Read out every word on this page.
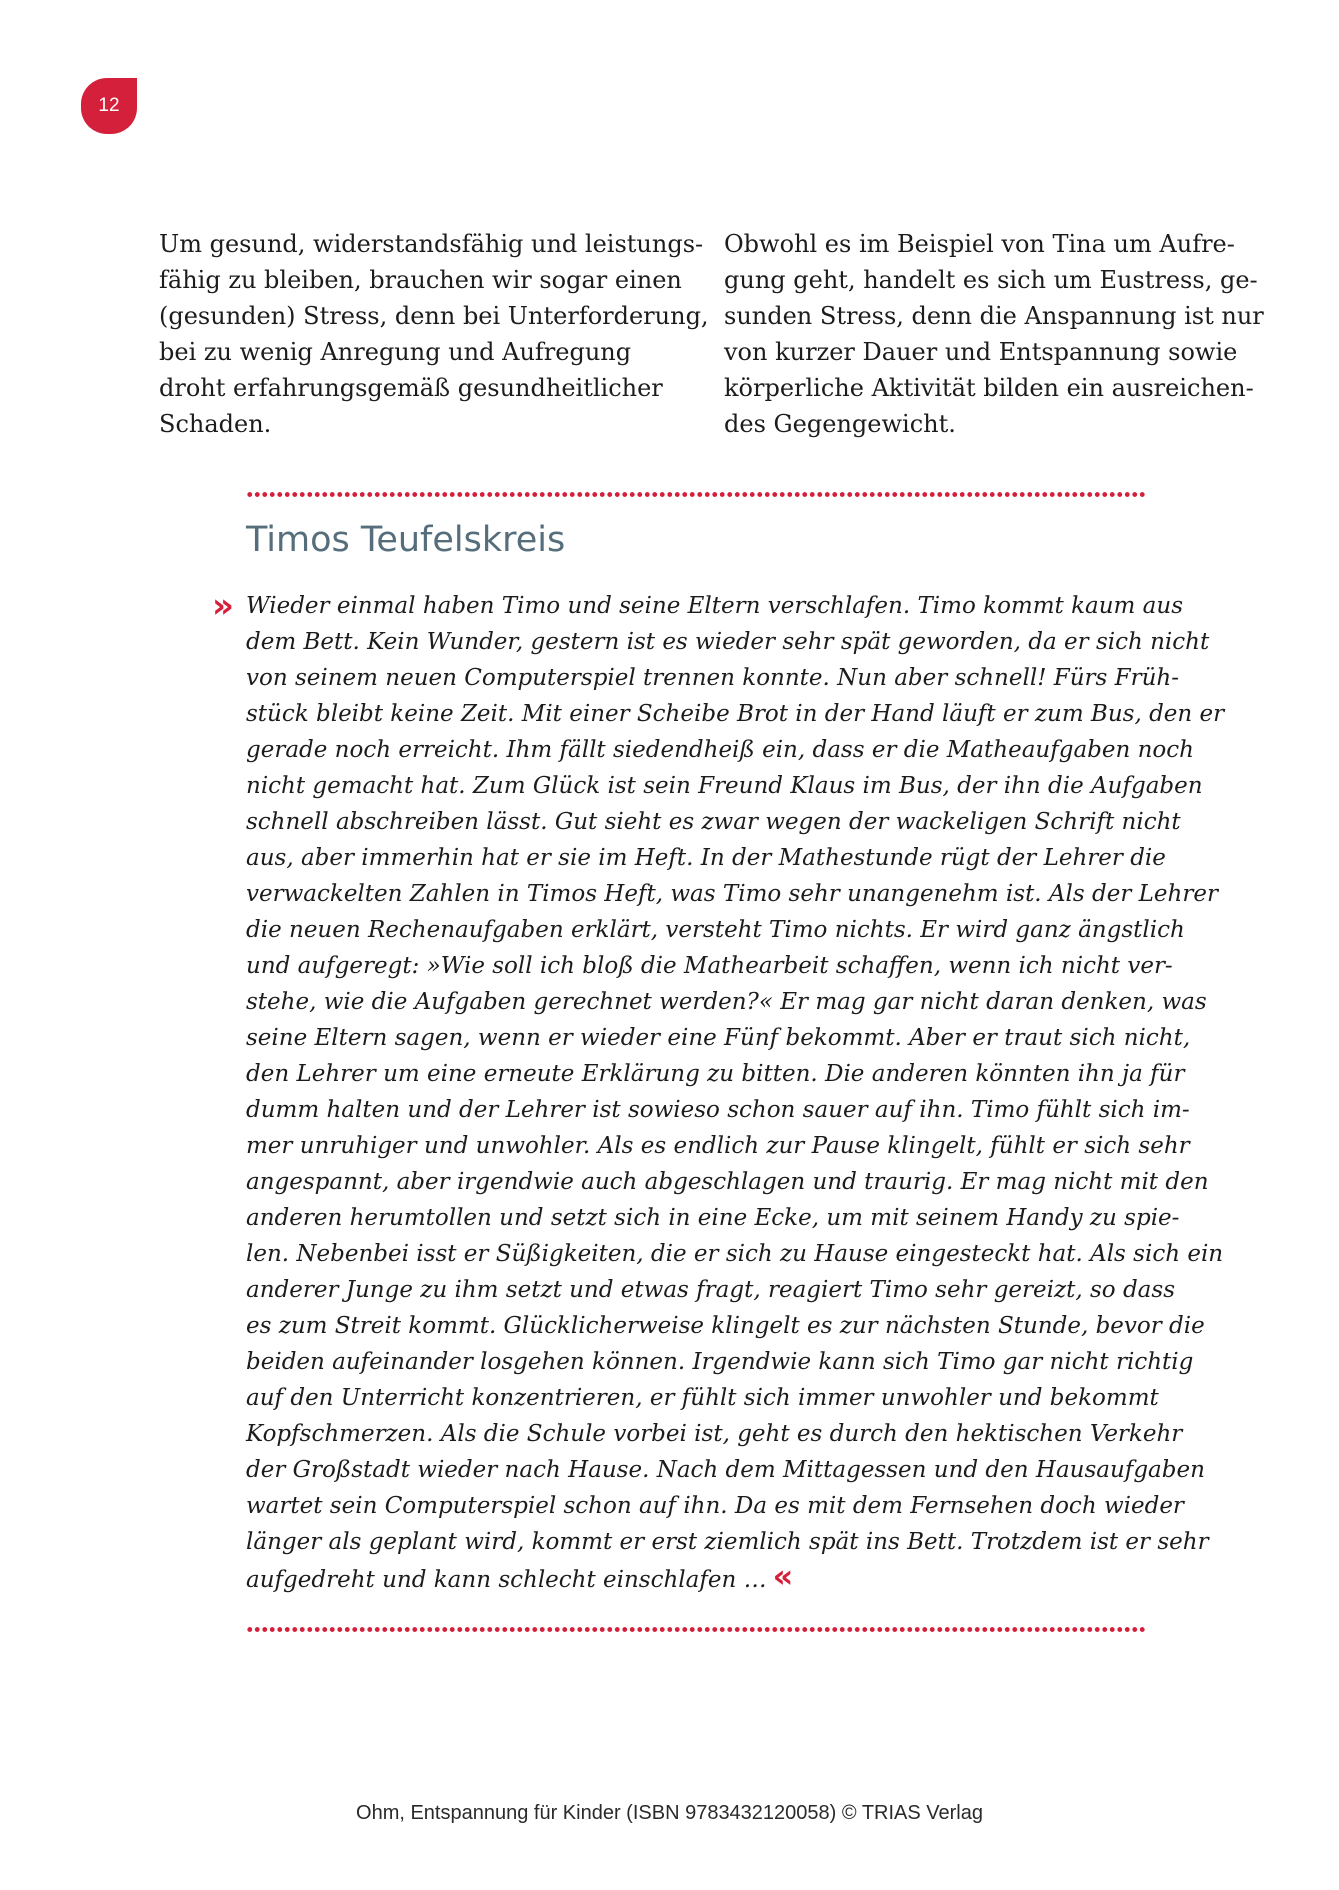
12
Um gesund, widerstandsfähig und leistungs-
fähig zu bleiben, brauchen wir sogar einen
(gesunden) Stress, denn bei Unterforderung,
bei zu wenig Anregung und Aufregung
droht erfahrungsgemäß gesundheitlicher
Schaden.
Obwohl es im Beispiel von Tina um Aufre-
gung geht, handelt es sich um Eustress, ge-
sunden Stress, denn die Anspannung ist nur
von kurzer Dauer und Entspannung sowie
körperliche Aktivität bilden ein ausreichen-
des Gegengewicht.
Timos Teufelskreis
» Wieder einmal haben Timo und seine Eltern verschlafen. Timo kommt kaum aus
dem Bett. Kein Wunder, gestern ist es wieder sehr spät geworden, da er sich nicht
von seinem neuen Computerspiel trennen konnte. Nun aber schnell! Fürs Früh-
stück bleibt keine Zeit. Mit einer Scheibe Brot in der Hand läuft er zum Bus, den er
gerade noch erreicht. Ihm fällt siedendheiß ein, dass er die Matheaufgaben noch
nicht gemacht hat. Zum Glück ist sein Freund Klaus im Bus, der ihn die Aufgaben
schnell abschreiben lässt. Gut sieht es zwar wegen der wackeligen Schrift nicht
aus, aber immerhin hat er sie im Heft. In der Mathestunde rügt der Lehrer die
verwackelten Zahlen in Timos Heft, was Timo sehr unangenehm ist. Als der Lehrer
die neuen Rechenaufgaben erklärt, versteht Timo nichts. Er wird ganz ängstlich
und aufgeregt: »Wie soll ich bloß die Mathearbeit schaffen, wenn ich nicht ver-
stehe, wie die Aufgaben gerechnet werden?« Er mag gar nicht daran denken, was
seine Eltern sagen, wenn er wieder eine Fünf bekommt. Aber er traut sich nicht,
den Lehrer um eine erneute Erklärung zu bitten. Die anderen könnten ihn ja für
dumm halten und der Lehrer ist sowieso schon sauer auf ihn. Timo fühlt sich im-
mer unruhiger und unwohler. Als es endlich zur Pause klingelt, fühlt er sich sehr
angespannt, aber irgendwie auch abgeschlagen und traurig. Er mag nicht mit den
anderen herumtollen und setzt sich in eine Ecke, um mit seinem Handy zu spie-
len. Nebenbei isst er Süßigkeiten, die er sich zu Hause eingesteckt hat. Als sich ein
anderer Junge zu ihm setzt und etwas fragt, reagiert Timo sehr gereizt, so dass
es zum Streit kommt. Glücklicherweise klingelt es zur nächsten Stunde, bevor die
beiden aufeinander losgehen können. Irgendwie kann sich Timo gar nicht richtig
auf den Unterricht konzentrieren, er fühlt sich immer unwohler und bekommt
Kopfschmerzen. Als die Schule vorbei ist, geht es durch den hektischen Verkehr
der Großstadt wieder nach Hause. Nach dem Mittagessen und den Hausaufgaben
wartet sein Computerspiel schon auf ihn. Da es mit dem Fernsehen doch wieder
länger als geplant wird, kommt er erst ziemlich spät ins Bett. Trotzdem ist er sehr
aufgedreht und kann schlecht einschlafen … «
Ohm, Entspannung für Kinder (ISBN 9783432120058) © TRIAS Verlag
